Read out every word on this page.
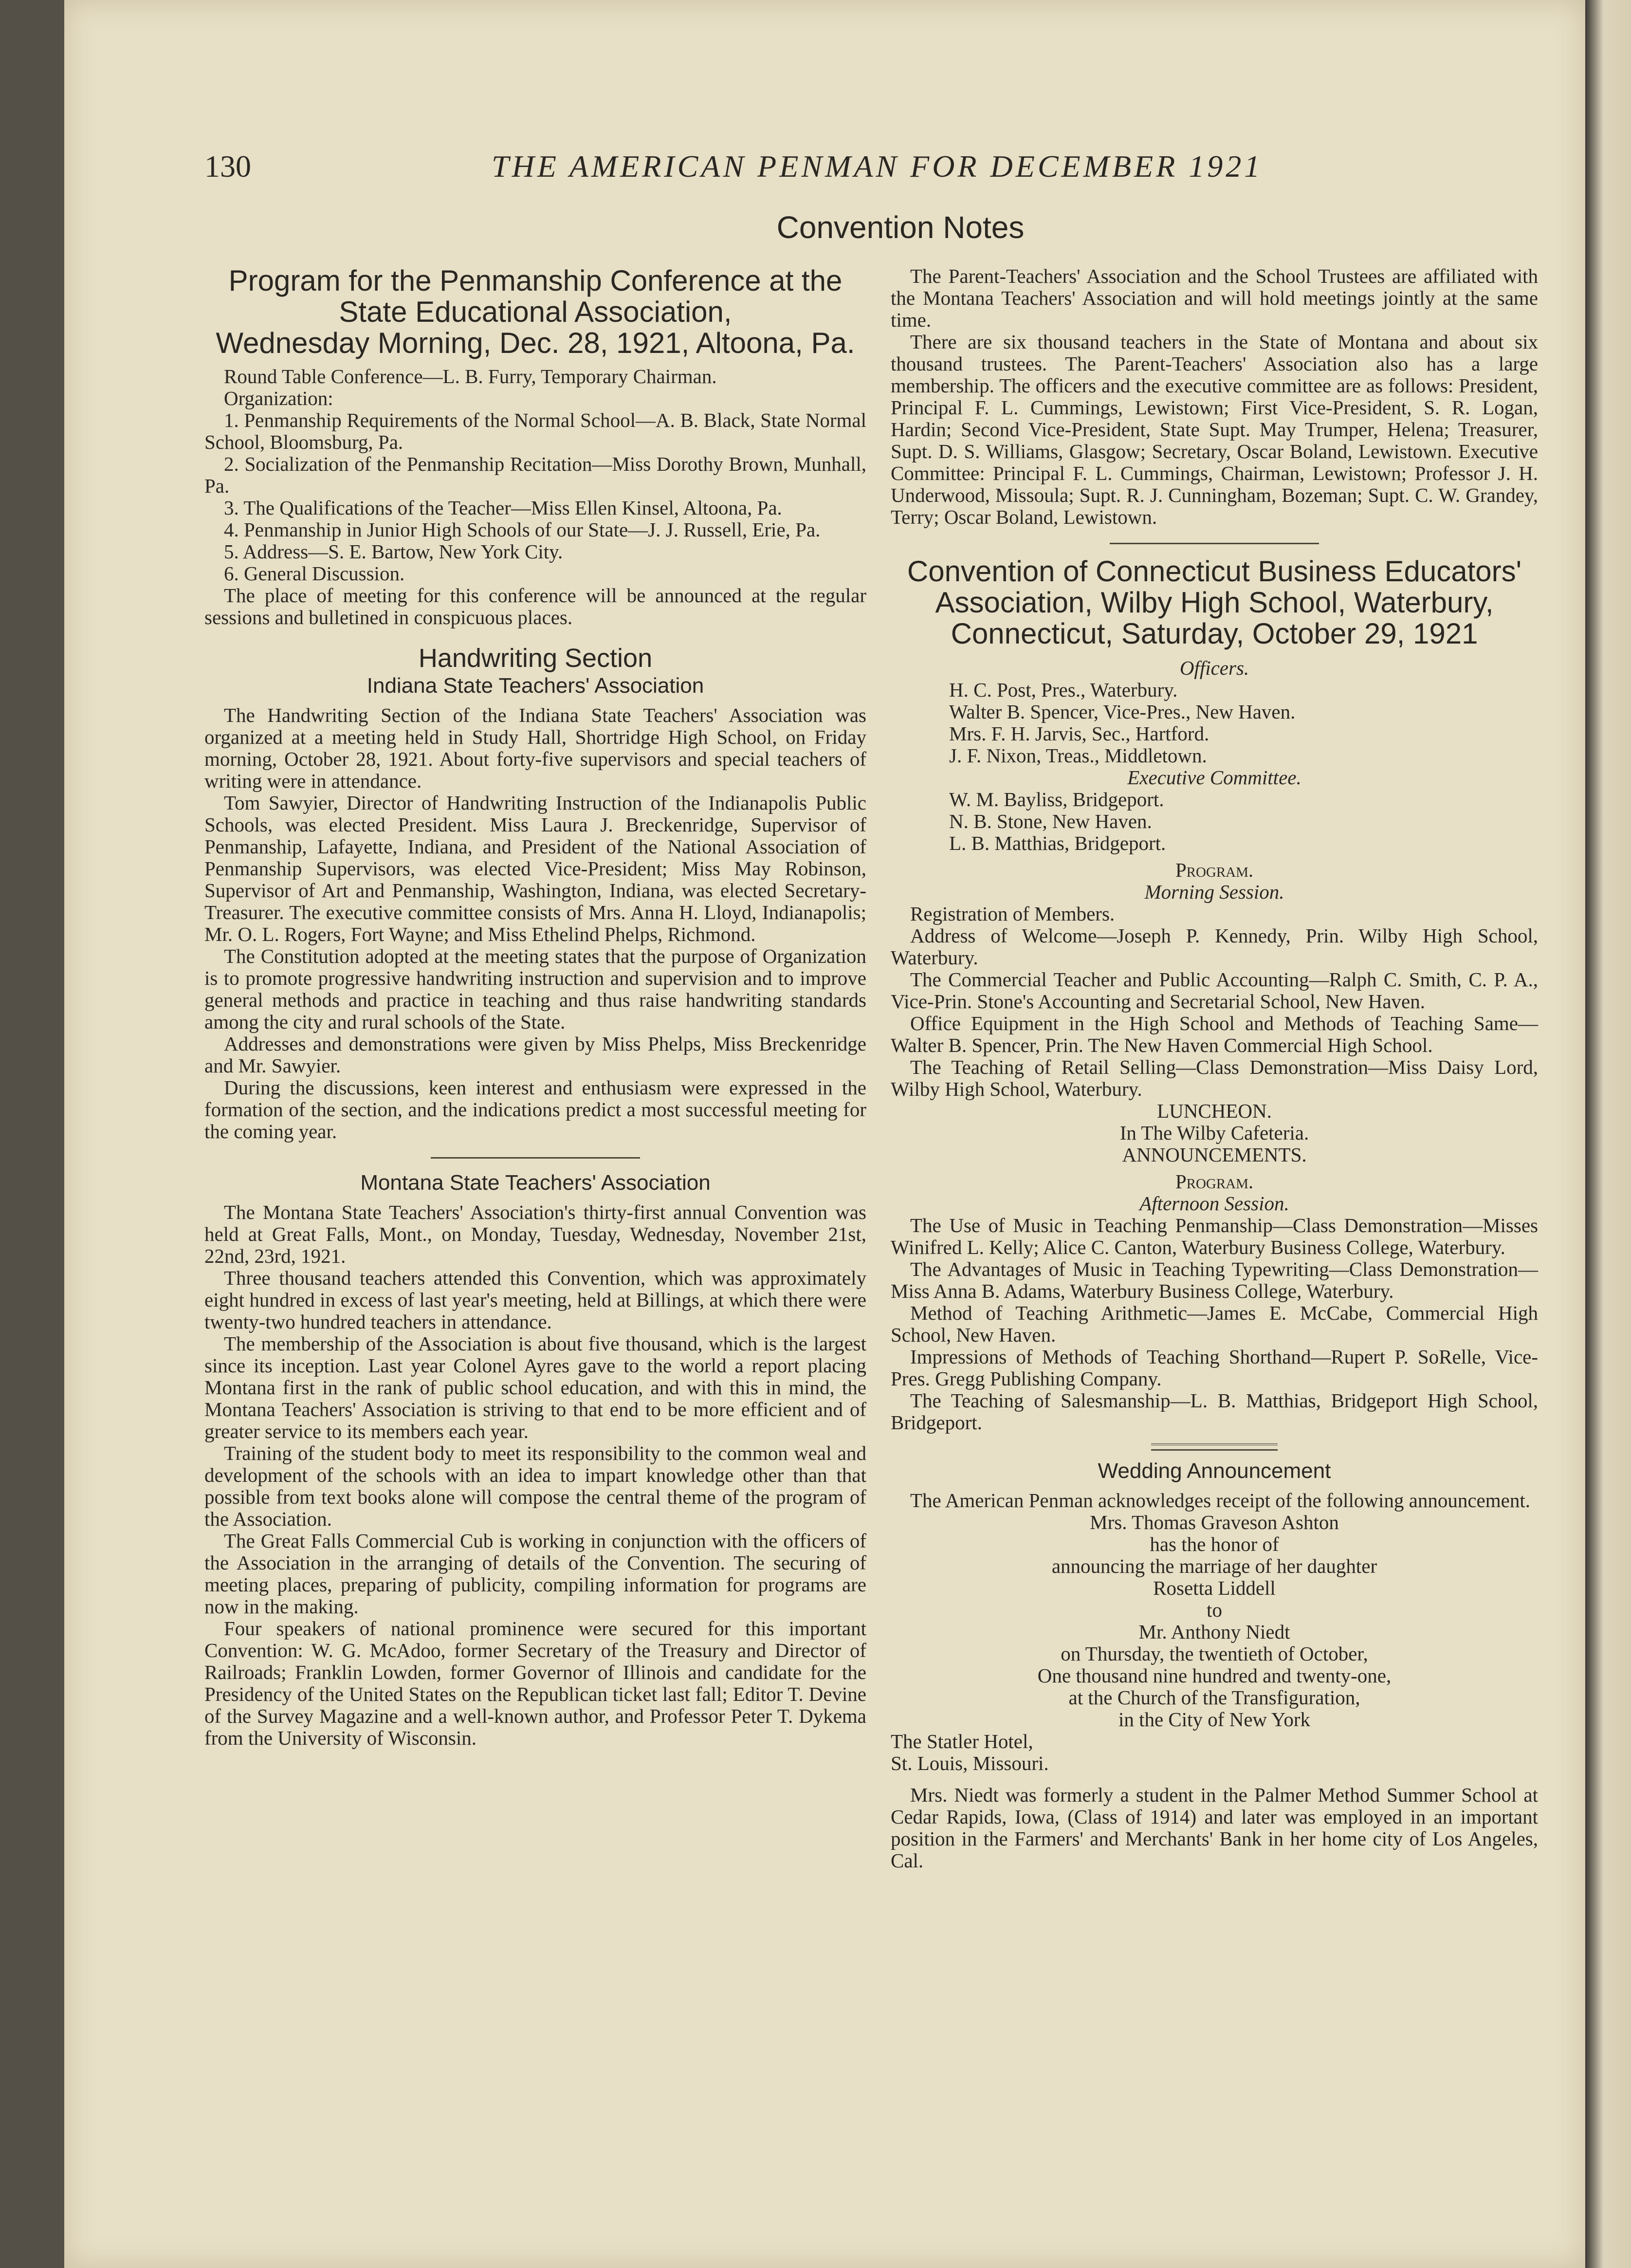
130	THE AMERICAN PENMAN FOR DECEMBER 1921
Convention Notes
Program for the Penmanship Conference at the State Educational Association,
Wednesday Morning, Dec. 28, 1921, Altoona, Pa.

Round Table Conference—L. B. Furry, Temporary Chairman.

Organization:

1. Penmanship Requirements of the Normal School—A. B. Black, State Normal School, Bloomsburg, Pa.

2. Socialization of the Penmanship Recitation—Miss Dorothy Brown, Munhall, Pa.

3. The Qualifications of the Teacher—Miss Ellen Kinsel, Altoona, Pa.

4. Penmanship in Junior High Schools of our State—J. J. Russell, Erie, Pa.

5. Address—S. E. Bartow, New York City.

6. General Discussion.

The place of meeting for this conference will be announced at the regular sessions and bulletined in conspicuous places.

Handwriting Section
Indiana State Teachers' Association

The Handwriting Section of the Indiana State Teachers' Association was organized at a meeting held in Study Hall, Shortridge High School, on Friday morning, October 28, 1921. About forty-five supervisors and special teachers of writing were in attendance.

Tom Sawyier, Director of Handwriting Instruction of the Indianapolis Public Schools, was elected President. Miss Laura J. Breckenridge, Supervisor of Penmanship, Lafayette, Indiana, and President of the National Association of Penmanship Supervisors, was elected Vice-President; Miss May Robinson, Supervisor of Art and Penmanship, Washington, Indiana, was elected Secretary-Treasurer. The executive committee consists of Mrs. Anna H. Lloyd, Indianapolis; Mr. O. L. Rogers, Fort Wayne; and Miss Ethelind Phelps, Richmond.

The Constitution adopted at the meeting states that the purpose of Organization is to promote progressive handwriting instruction and supervision and to improve general methods and practice in teaching and thus raise handwriting standards among the city and rural schools of the State.

Addresses and demonstrations were given by Miss Phelps, Miss Breckenridge and Mr. Sawyier.

During the discussions, keen interest and enthusiasm were expressed in the formation of the section, and the indications predict a most successful meeting for the coming year.

Montana State Teachers' Association

The Montana State Teachers' Association's thirty-first annual Convention was held at Great Falls, Mont., on Monday, Tuesday, Wednesday, November 21st, 22nd, 23rd, 1921.

Three thousand teachers attended this Convention, which was approximately eight hundred in excess of last year's meeting, held at Billings, at which there were twenty-two hundred teachers in attendance.

The membership of the Association is about five thousand, which is the largest since its inception. Last year Colonel Ayres gave to the world a report placing Montana first in the rank of public school education, and with this in mind, the Montana Teachers' Association is striving to that end to be more efficient and of greater service to its members each year.

Training of the student body to meet its responsibility to the common weal and development of the schools with an idea to impart knowledge other than that possible from text books alone will compose the central theme of the program of the Association.

The Great Falls Commercial Cub is working in conjunction with the officers of the Association in the arranging of details of the Convention. The securing of meeting places, preparing of publicity, compiling information for programs are now in the making.

Four speakers of national prominence were secured for this important Convention: W. G. McAdoo, former Secretary of the Treasury and Director of Railroads; Franklin Lowden, former Governor of Illinois and candidate for the Presidency of the United States on the Republican ticket last fall; Editor T. Devine of the Survey Magazine and a well-known author, and Professor Peter T. Dykema from the University of Wisconsin.

The Parent-Teachers' Association and the School Trustees are affiliated with the Montana Teachers' Association and will hold meetings jointly at the same time.

There are six thousand teachers in the State of Montana and about six thousand trustees. The Parent-Teachers' Association also has a large membership. The officers and the executive committee are as follows: President, Principal F. L. Cummings, Lewistown; First Vice-President, S. R. Logan, Hardin; Second Vice-President, State Supt. May Trumper, Helena; Treasurer, Supt. D. S. Williams, Glasgow; Secretary, Oscar Boland, Lewistown. Executive Committee: Principal F. L. Cummings, Chairman, Lewistown; Professor J. H. Underwood, Missoula; Supt. R. J. Cunningham, Bozeman; Supt. C. W. Grandey, Terry; Oscar Boland, Lewistown.

Convention of Connecticut Business Educators' Association, Wilby High School, Waterbury, Connecticut, Saturday, October 29, 1921

Officers.

H. C. Post, Pres., Waterbury.

Walter B. Spencer, Vice-Pres., New Haven.

Mrs. F. H. Jarvis, Sec., Hartford.

J. F. Nixon, Treas., Middletown.

Executive Committee.

W. M. Bayliss, Bridgeport.

N. B. Stone, New Haven.

L. B. Matthias, Bridgeport.

Program.

Morning Session.

Registration of Members.

Address of Welcome—Joseph P. Kennedy, Prin. Wilby High School, Waterbury.

The Commercial Teacher and Public Accounting—Ralph C. Smith, C. P. A., Vice-Prin. Stone's Accounting and Secretarial School, New Haven.

Office Equipment in the High School and Methods of Teaching Same—Walter B. Spencer, Prin. The New Haven Commercial High School.

The Teaching of Retail Selling—Class Demonstration—Miss Daisy Lord, Wilby High School, Waterbury.

LUNCHEON.

In The Wilby Cafeteria.

ANNOUNCEMENTS.

Program.

Afternoon Session.

The Use of Music in Teaching Penmanship—Class Demonstration—Misses Winifred L. Kelly; Alice C. Canton, Waterbury Business College, Waterbury.

The Advantages of Music in Teaching Typewriting—Class Demonstration—Miss Anna B. Adams, Waterbury Business College, Waterbury.

Method of Teaching Arithmetic—James E. McCabe, Commercial High School, New Haven.

Impressions of Methods of Teaching Shorthand—Rupert P. SoRelle, Vice-Pres. Gregg Publishing Company.

The Teaching of Salesmanship—L. B. Matthias, Bridgeport High School, Bridgeport.

Wedding Announcement

The American Penman acknowledges receipt of the following announcement.

Mrs. Thomas Graveson Ashton

has the honor of

announcing the marriage of her daughter

Rosetta Liddell

to

Mr. Anthony Niedt

on Thursday, the twentieth of October,

One thousand nine hundred and twenty-one,

at the Church of the Transfiguration,

in the City of New York

The Statler Hotel,

St. Louis, Missouri.

Mrs. Niedt was formerly a student in the Palmer Method Summer School at Cedar Rapids, Iowa, (Class of 1914) and later was employed in an important position in the Farmers' and Merchants' Bank in her home city of Los Angeles, Cal.
